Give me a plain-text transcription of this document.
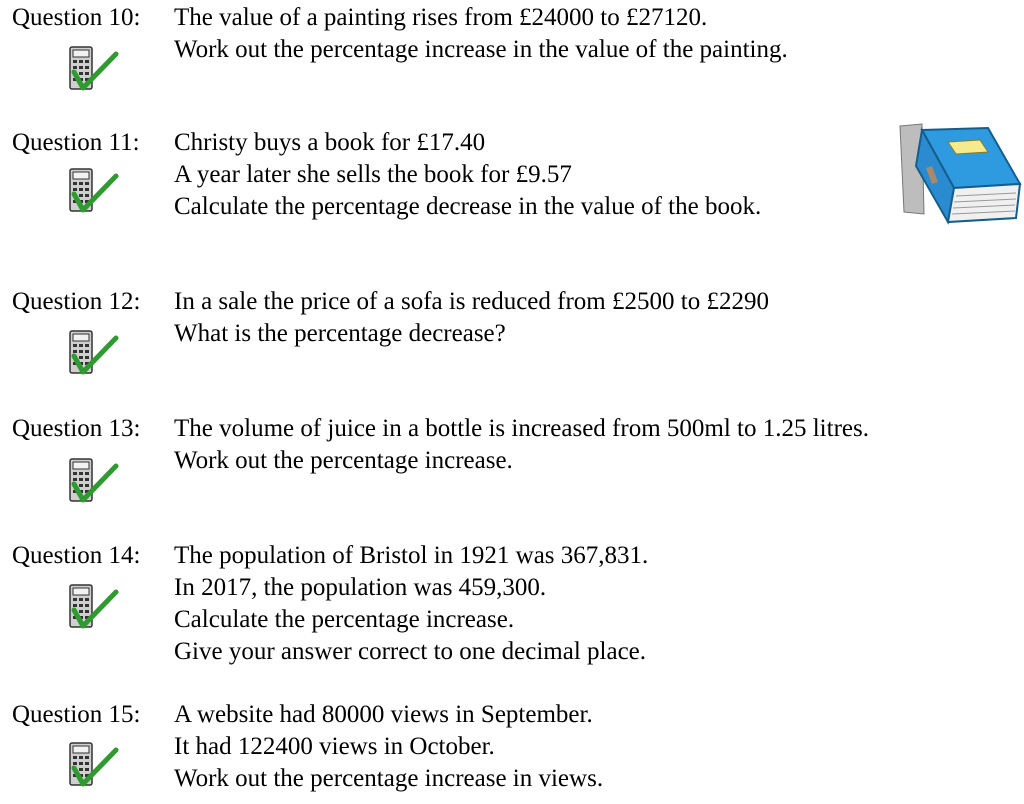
Question 10: The value of a painting rises from £24000 to £27120.
Work out the percentage increase in the value of the painting.
Question 11: Christy buys a book for £17.40
A year later she sells the book for £9.57
Calculate the percentage decrease in the value of the book.
Question 12: In a sale the price of a sofa is reduced from £2500 to £2290
What is the percentage decrease?
Question 13: The volume of juice in a bottle is increased from 500ml to 1.25 litres.
Work out the percentage increase.
Question 14: The population of Bristol in 1921 was 367,831.
In 2017, the population was 459,300.
Calculate the percentage increase.
Give your answer correct to one decimal place.
Question 15: A website had 80000 views in September.
It had 122400 views in October.
Work out the percentage increase in views.
